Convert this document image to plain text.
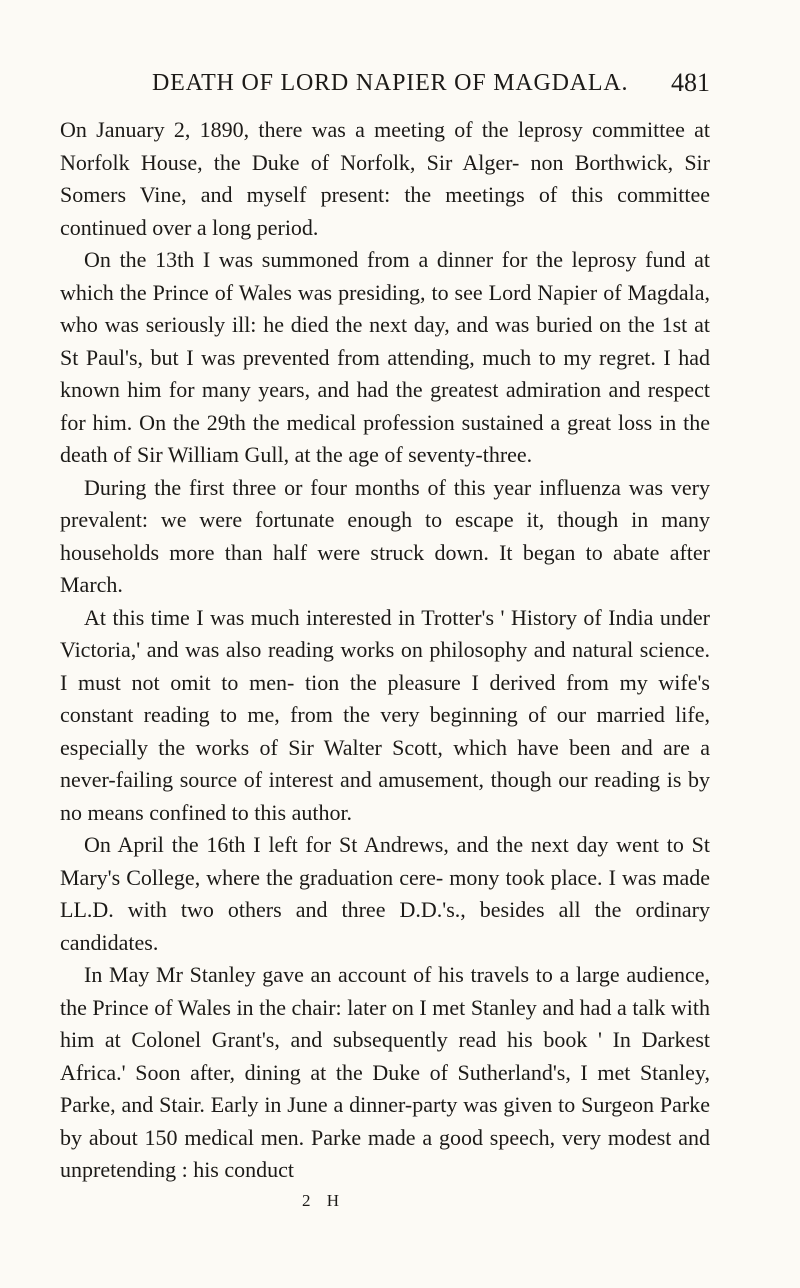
DEATH OF LORD NAPIER OF MAGDALA. 481

On January 2, 1890, there was a meeting of the leprosy committee at Norfolk House, the Duke of Norfolk, Sir Alger- non Borthwick, Sir Somers Vine, and myself present: the meetings of this committee continued over a long period.

On the 13th I was summoned from a dinner for the leprosy fund at which the Prince of Wales was presiding, to see Lord Napier of Magdala, who was seriously ill: he died the next day, and was buried on the 1st at St Paul's, but I was prevented from attending, much to my regret. I had known him for many years, and had the greatest admiration and respect for him. On the 29th the medical profession sustained a great loss in the death of Sir William Gull, at the age of seventy-three.

During the first three or four months of this year influenza was very prevalent: we were fortunate enough to escape it, though in many households more than half were struck down. It began to abate after March.

At this time I was much interested in Trotter's ' History of India under Victoria,' and was also reading works on philosophy and natural science. I must not omit to men- tion the pleasure I derived from my wife's constant reading to me, from the very beginning of our married life, especially the works of Sir Walter Scott, which have been and are a never-failing source of interest and amusement, though our reading is by no means confined to this author.

On April the 16th I left for St Andrews, and the next day went to St Mary's College, where the graduation cere- mony took place. I was made LL.D. with two others and three D.D.'s., besides all the ordinary candidates.

In May Mr Stanley gave an account of his travels to a large audience, the Prince of Wales in the chair: later on I met Stanley and had a talk with him at Colonel Grant's, and subsequently read his book ' In Darkest Africa.' Soon after, dining at the Duke of Sutherland's, I met Stanley, Parke, and Stair. Early in June a dinner-party was given to Surgeon Parke by about 150 medical men. Parke made a good speech, very modest and unpretending : his conduct

2 H
